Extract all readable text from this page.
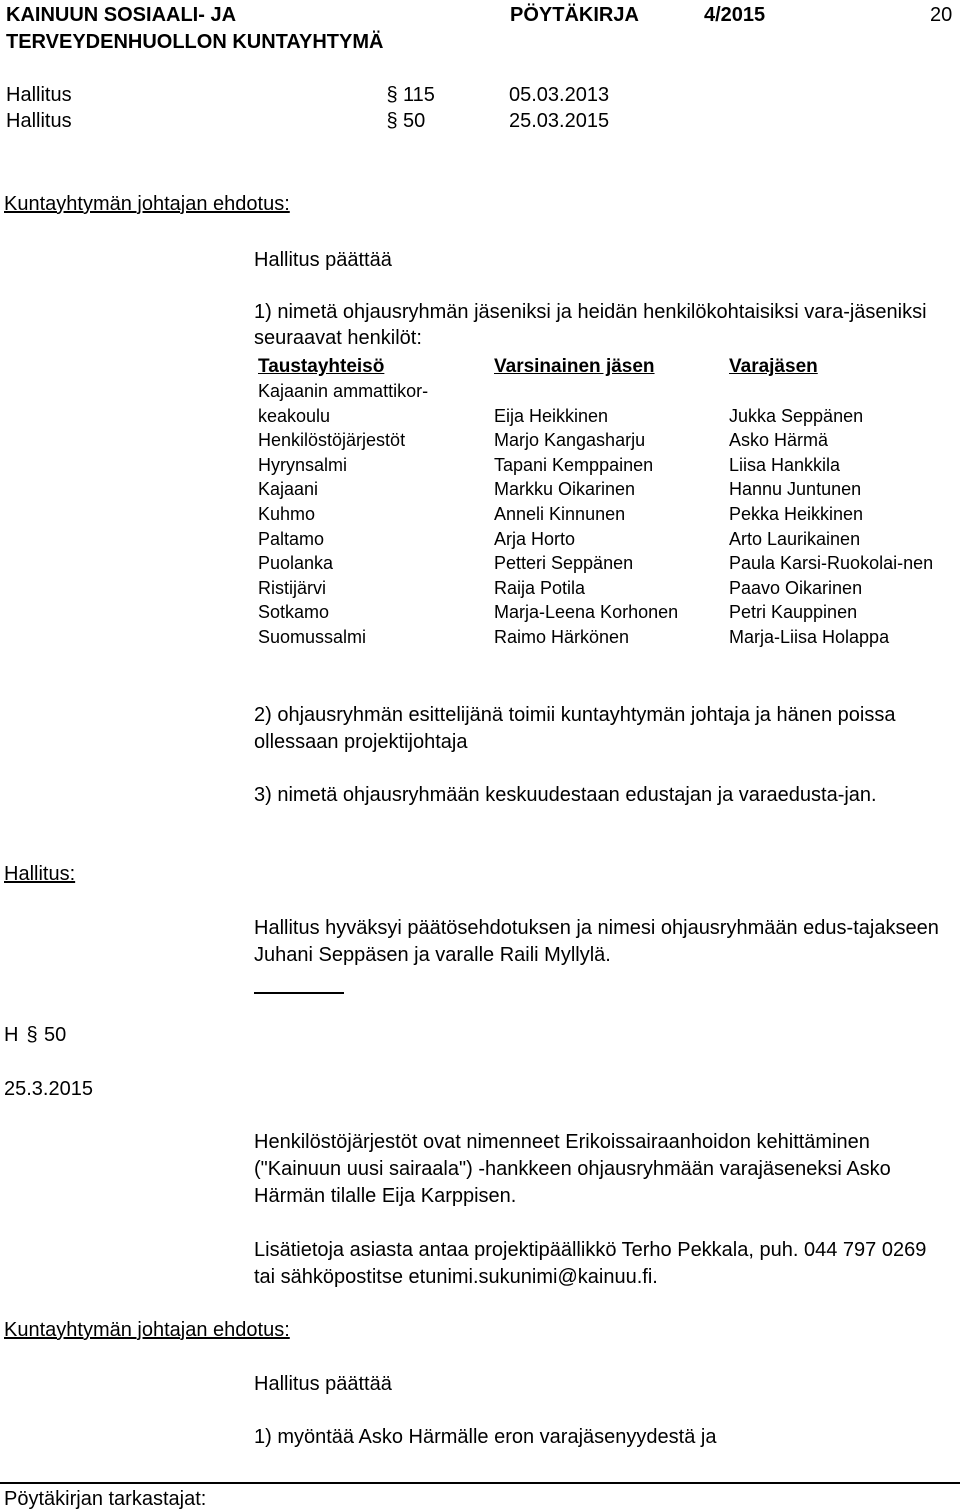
KAINUUN SOSIAALI- JA
TERVEYDENHUOLLON KUNTAYHTYMÄ
PÖYTÄKIRJA	4/2015	20
Hallitus	§ 115	05.03.2013
Hallitus	§ 50	25.03.2015
Kuntayhtymän johtajan ehdotus:
Hallitus päättää
1) nimetä ohjausryhmän jäseniksi ja heidän henkilökohtaisiksi vara-jäseniksi seuraavat henkilöt:
Taustayhteisö	Varsinainen jäsen	Varajäsen
Kajaanin ammattikor-keakoulu	Eija Heikkinen	Jukka Seppänen
Henkilöstöjärjestöt	Marjo Kangasharju	Asko Härmä
Hyrynsalmi	Tapani Kemppainen	Liisa Hankkila
Kajaani	Markku Oikarinen	Hannu Juntunen
Kuhmo	Anneli Kinnunen	Pekka Heikkinen
Paltamo	Arja Horto	Arto Laurikainen
Puolanka	Petteri Seppänen	Paula Karsi-Ruokolai-nen
Ristijärvi	Raija Potila	Paavo Oikarinen
Sotkamo	Marja-Leena Korhonen	Petri Kauppinen
Suomussalmi	Raimo Härkönen	Marja-Liisa Holappa
2) ohjausryhmän esittelijänä toimii kuntayhtymän johtaja ja hänen poissa ollessaan projektijohtaja
3) nimetä ohjausryhmään keskuudestaan edustajan ja varaedusta-jan.
Hallitus:
Hallitus hyväksyi päätösehdotuksen ja nimesi ohjausryhmään edus-tajakseen Juhani Seppäsen ja varalle Raili Myllylä.
H § 50
25.3.2015
Henkilöstöjärjestöt ovat nimenneet Erikoissairaanhoidon kehittäminen ("Kainuun uusi sairaala") -hankkeen ohjausryhmään varajäseneksi Asko Härmän tilalle Eija Karppisen.
Lisätietoja asiasta antaa projektipäällikkö Terho Pekkala, puh. 044 797 0269 tai sähköpostitse etunimi.sukunimi@kainuu.fi.
Kuntayhtymän johtajan ehdotus:
Hallitus päättää
1) myöntää Asko Härmälle eron varajäsenyydestä ja
Pöytäkirjan tarkastajat:
